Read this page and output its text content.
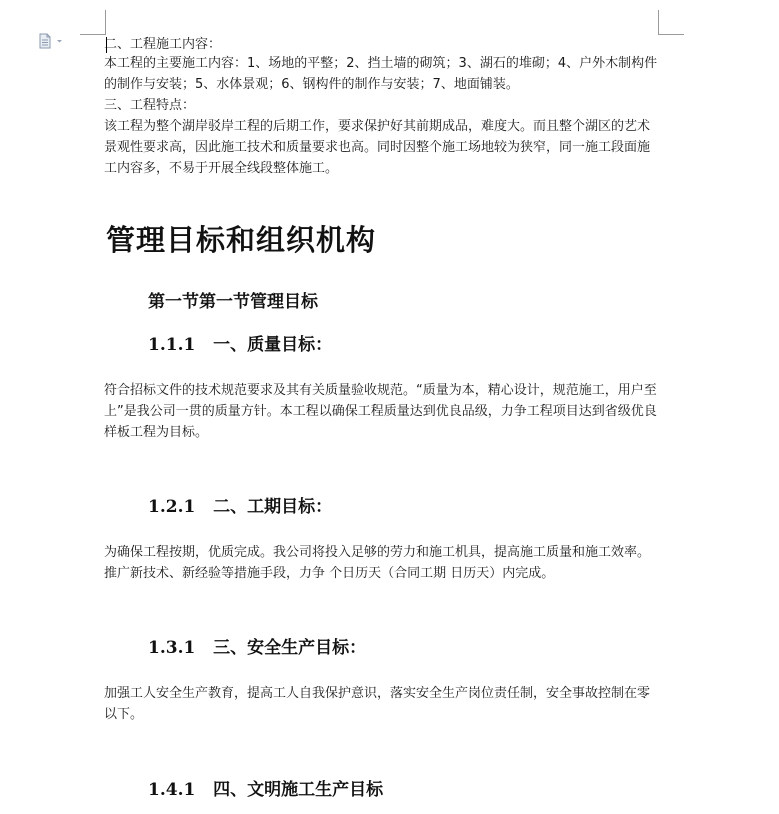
二、工程施工内容：

本工程的主要施工内容：1、场地的平整；2、挡土墙的砌筑；3、湖石的堆砌；4、户外木制构件的制作与安装；5、水体景观；6、钢构件的制作与安装；7、地面铺装。

三、工程特点：

该工程为整个湖岸驳岸工程的后期工作，要求保护好其前期成品，难度大。而且整个湖区的艺术景观性要求高，因此施工技术和质量要求也高。同时因整个施工场地较为狭窄，同一施工段面施工内容多，不易于开展全线段整体施工。

管理目标和组织机构
第一节第一节管理目标
1.1.1 一、质量目标：

符合招标文件的技术规范要求及其有关质量验收规范。“质量为本，精心设计，规范施工，用户至上”是我公司一贯的质量方针。本工程以确保工程质量达到优良品级，力争工程项目达到省级优良样板工程为目标。

1.2.1 二、工期目标：

为确保工程按期，优质完成。我公司将投入足够的劳力和施工机具，提高施工质量和施工效率。推广新技术、新经验等措施手段，力争 个日历天（合同工期 日历天）内完成。

1.3.1 三、安全生产目标：

加强工人安全生产教育，提高工人自我保护意识，落实安全生产岗位责任制，安全事故控制在零以下。

1.4.1 四、文明施工生产目标
